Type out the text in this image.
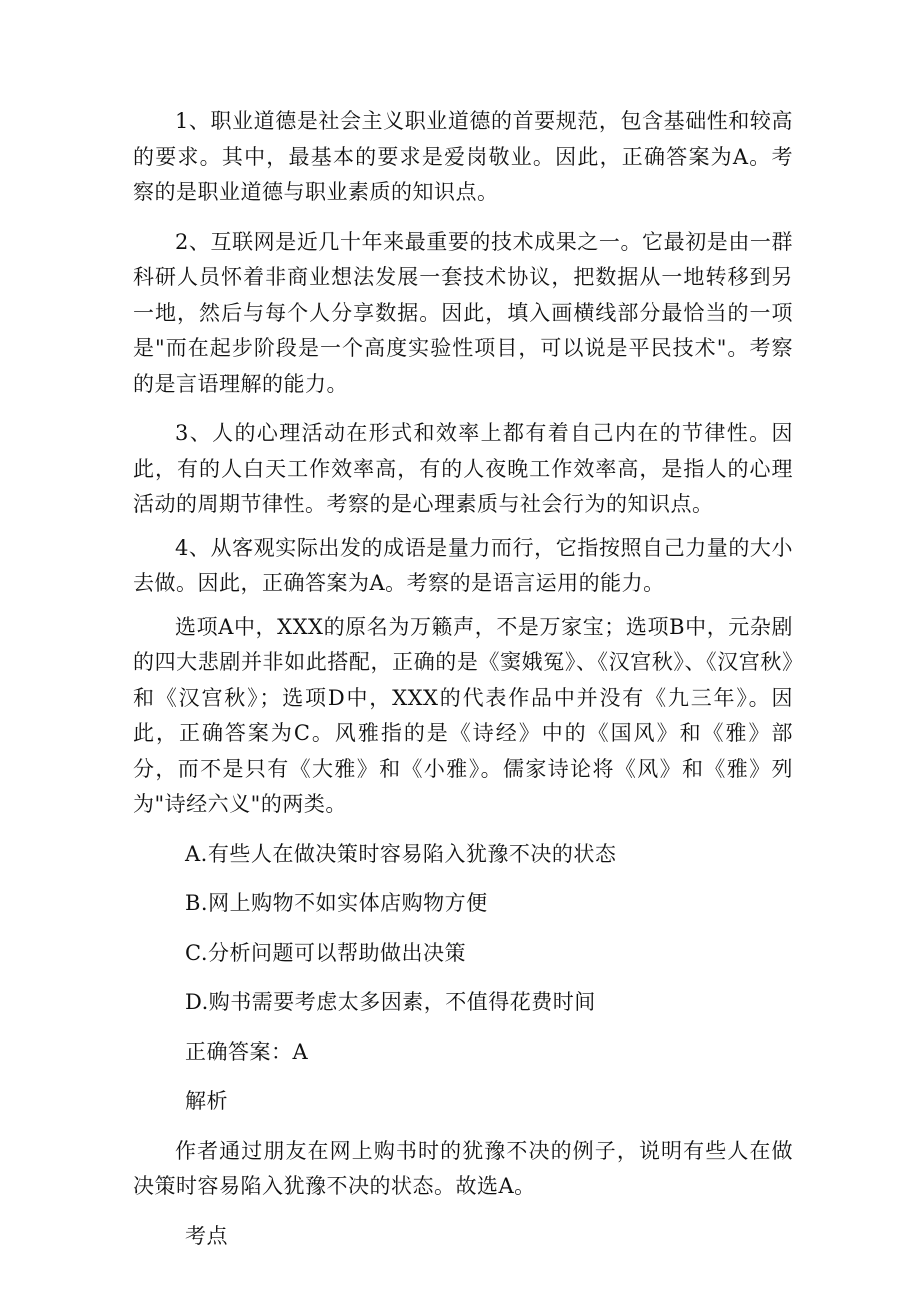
1、职业道德是社会主义职业道德的首要规范，包含基础性和较高的要求。其中，最基本的要求是爱岗敬业。因此，正确答案为A。考察的是职业道德与职业素质的知识点。

2、互联网是近几十年来最重要的技术成果之一。它最初是由一群科研人员怀着非商业想法发展一套技术协议，把数据从一地转移到另一地，然后与每个人分享数据。因此，填入画横线部分最恰当的一项是"而在起步阶段是一个高度实验性项目，可以说是平民技术"。考察的是言语理解的能力。

3、人的心理活动在形式和效率上都有着自己内在的节律性。因此，有的人白天工作效率高，有的人夜晚工作效率高，是指人的心理活动的周期节律性。考察的是心理素质与社会行为的知识点。

4、从客观实际出发的成语是量力而行，它指按照自己力量的大小去做。因此，正确答案为A。考察的是语言运用的能力。

选项A中，XXX的原名为万籁声，不是万家宝；选项B中，元杂剧的四大悲剧并非如此搭配，正确的是《窦娥冤》、《汉宫秋》、《汉宫秋》和《汉宫秋》；选项D中，XXX的代表作品中并没有《九三年》。因此，正确答案为C。风雅指的是《诗经》中的《国风》和《雅》部分，而不是只有《大雅》和《小雅》。儒家诗论将《风》和《雅》列为"诗经六义"的两类。

A.有些人在做决策时容易陷入犹豫不决的状态

B.网上购物不如实体店购物方便

C.分析问题可以帮助做出决策

D.购书需要考虑太多因素，不值得花费时间

正确答案：A

解析

作者通过朋友在网上购书时的犹豫不决的例子，说明有些人在做决策时容易陷入犹豫不决的状态。故选A。

考点
